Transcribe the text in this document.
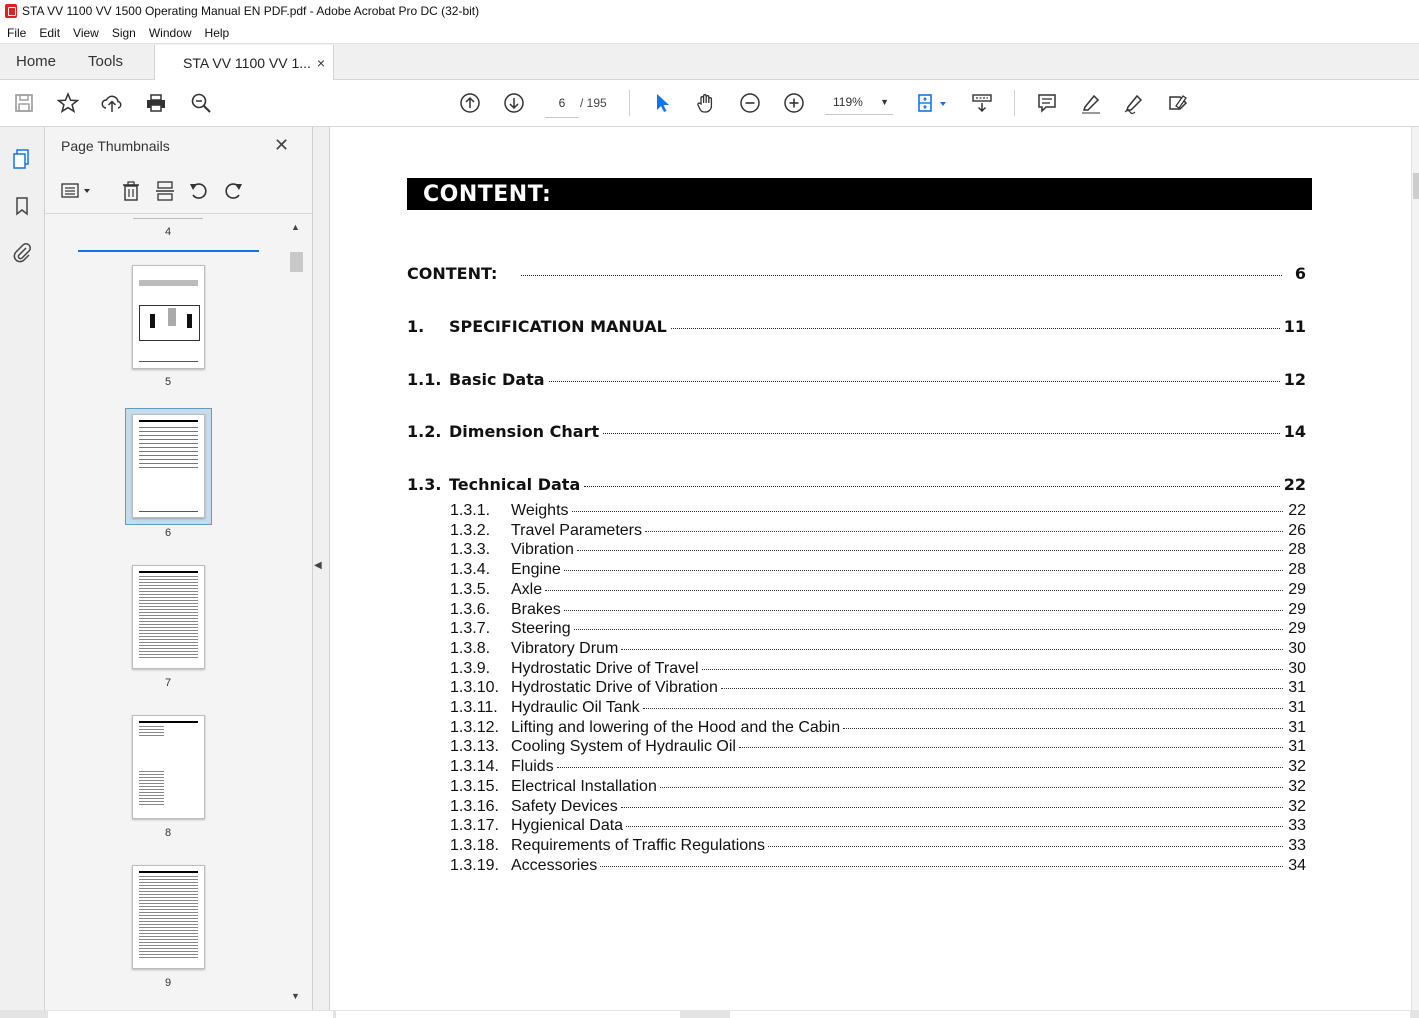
STA VV 1100 VV 1500 Operating Manual EN PDF.pdf - Adobe Acrobat Pro DC (32-bit)
File	Edit	View	Sign	Window	Help
Home	Tools	STA VV 1100 VV 1... ×
6
/ 195	119% ▼
Page Thumbnails	✕
4
5
6
7
8
9
▲
▼
◀
CONTENT:
CONTENT:	6
1.	SPECIFICATION MANUAL	11
1.1. Basic Data	12
1.2. Dimension Chart	14
1.3. Technical Data	22
1.3.1.	Weights	22
1.3.2.	Travel Parameters	26
1.3.3.	Vibration	28
1.3.4.	Engine	28
1.3.5.	Axle	29
1.3.6.	Brakes	29
1.3.7.	Steering	29
1.3.8.	Vibratory Drum	30
1.3.9.	Hydrostatic Drive of Travel	30
1.3.10. Hydrostatic Drive of Vibration	31
1.3.11. Hydraulic Oil Tank	31
1.3.12. Lifting and lowering of the Hood and the Cabin	31
1.3.13. Cooling System of Hydraulic Oil	31
1.3.14. Fluids	32
1.3.15. Electrical Installation	32
1.3.16. Safety Devices	32
1.3.17. Hygienical Data	33
1.3.18. Requirements of Traffic Regulations	33
1.3.19. Accessories	34
